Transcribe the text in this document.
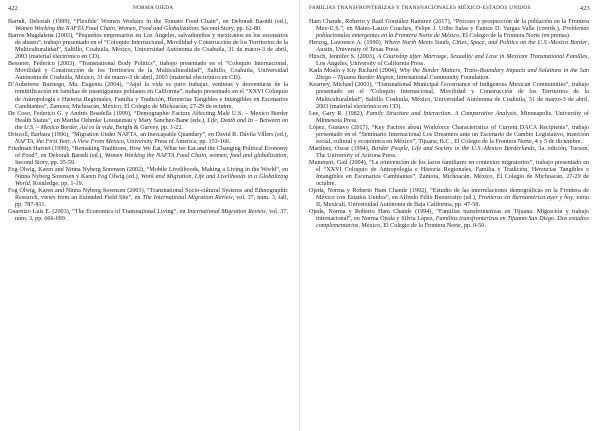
422	NORMA OJEDA
Barndt, Deborah (1999), “Flexible’ Women Workers in the Tomato Food Chain”, en Deborah Barndt (ed.), Women Working the NAFTA Food Chain, Women, Food and Globalization, Second Story, pp. 62-80.
Barros Magdalena (2003), “Pequeños empresarios en Los Ángeles, salvadoreños y mexicanos en los escenarios de abasto”, trabajo presentado en el “Coloquio Internacional, Movilidad y Construcción de los Territorios de la Multiculturalidad”, Saltillo, Coahuila, México, Universidad Autónoma de Coahuila, 31 de marzo-3 de abril, 2003 (material electrónico en CD).
Besserer, Federico (2003), “Transnational Body Politics”, trabajo presentado en el “Coloquio Internacional, Movilidad y Construcción de los Territorios de la Multiculturalidad”, Saltillo, Coahuila, Universidad Autónoma de Coahuila, México, 31 de marzo-3 de abril, 2003 (material electrónico en CD).
D’Aubeterre Buznego, Ma. Eugenia (2004), “Aquí la vida es puro trabajar, venturas y desventuras de la remittificación en familias de trasmigrantes poblanos en California”, trabajo presentado en el “XXVI Coloquio de Antropología e Historia Regionales, Familia y Tradición, Herencias Tangibles e Intangibles en Escenarios Cambiantes”, Zamora, Michoacán, México, El Colegio de Michoacán, 27-29 de octubre.
De Coso, Federico G. y Andrés Boadella (1999), “Demographic Factors Affecting Male U.S. – Mexico Border Health Status”, en Martha Oehmke Loustaunau y Mary Sanchez-Bane (eds.), Life, Death and In – Between on the U.S. – Mexico Border, Así es la vida, Bergin & Garvey, pp. 1-22.
Driscoll, Barbara (1996), “Migration Under NAFTA, an Inescapable Quandary”, en David R. Dávila Villers (ed.), NAFTA, the First Year, A View From Mexico, University Press of America, pp. 153-166.
Friedman Harriet (1999), “Remaking Traditions, How We Eat, What we Eat and the Changing Political Economy of Food”, en Deborah Barndt (ed.), Women Working the NAFTA Food Chain, women, food and globalization, Second Story, pp. 35-59.
Fog Olwig, Karen and Ninna Nyberg Sorensen (2002), “Mobile Livelihoods, Making a Living in the World”, en Ninna Nyberg Sorensen y Karen Fog Olwig (ed.), Work and Migration, Life and Livelihoods in a Globalizing World, Routledge, pp. 1-19.
Fog Olwig, Karen and Ninna Nyberg Sorensen (2003), “Transnational Socio-cultural Systems and Ethnographic Research, views from an Extended Field Site”, en The International Migration Review, vol. 37, núm. 3, fall, pp. 787-811.
Guarnizo Luis E. (2003), “The Economics of Transnational Living”, en International Migration Review, vol. 37, núm. 3, pp. 666-699.
FAMILIAS TRANSFRONTERIZAS Y TRANSNACIONALES MÉXICO-ESTADOS UNIDOS	423
Ham Chande, Roberto y Raúl González Ramírez (2017), “Proceso y prospección de la población en la Frontera Mex-U.S.”, en Mateo-Lauzo Couches, Felipe J. Uribe Salas y Eunice D. Vargas Valle (coords.), Problemas poblacionales emergentes en la Frontera Norte de México, El Colegio de la Frontera Norte (en prensa).
Herzog, Lawrence A. (1990), Where North Meets South, Cities, Space, and Politics on the U.S.-Mexico Border, Austin, University of Texas Press.
Hirsch, Jennifer S. (2003), A Courtship after Marriage, Sexuality and Love in Mexican Transnational Families, Los Ángeles, University of California Press.
Kada Moalo y Kiy Richard (2004), Why the Border Matters, Trans-Boundary Impacts and Solutions in the San Diego – Tijuana Border Region, International Community Foundation.
Kearney, Michael (2003), “Transnational Municipal Governance of Indigenous Mexican Communities”, trabajo presentado en el “Coloquio Internacional, Movilidad y Construcción de los Territorios de la Multiculturalidad”, Saltillo Coahuila, México, Universidad Autónoma de Coahuila, 31 de marzo-3 de abril, 2003 (material electrónico en CD).
Lee, Gary R. (1982), Family Structure and Interaction. A Comparative Analysis, Minneapolis, University of Minnesota Press.
López, Gustavo (2017), “Key Factors about Workforce Characteristics of Current DACA Recipients”, trabajo presentado en el “Seminario Internacional Los Dreamers ante un Escenario de Cambio Legislativo, inserción social, cultural y económica en México”, Tijuana, B.C., El Colegio de la Frontera Norte, 4 y 5 de diciembre.
Martínez, Oscar (1994), Border People, Life and Society in the U.S.-Mexico Borderlands, 3a. edición, Tucson, The University of Arizona Press.
Mummert, Gail (2004), “La reinvención de los lazos familiares en contextos migratorios”, trabajo presentado en el “XXVI Coloquio de Antropología e Historia Regionales, Familia y Tradición, Herencias Tangibles e Intangibles en Escenarios Cambiantes”, Zamora, Michoacán, México, El Colegio de Michoacán, 27-29 de octubre.
Ojeda, Norma y Roberto Ham Chande (1992), “Estudio de las interrelaciones demográficas en la Frontera de México con Estados Unidos”, en Alfredo Félix Buenrostro (ed.), Fronteras en Iberoamérica ayer y hoy, tomo II, Mexicali, Universidad Autónoma de Baja California, pp. 47-58.
Ojeda, Norma y Roberto Ham Chande (1994), “Familias transfronterizas en Tijuana. Migración y trabajo internacional”, en Norma Ojeda y Silvia López, Familias transfronterizas en Tijuana-San Diego. Dos estudios complementarios, México, El Colegio de la Frontera Norte, pp. 9-50.
